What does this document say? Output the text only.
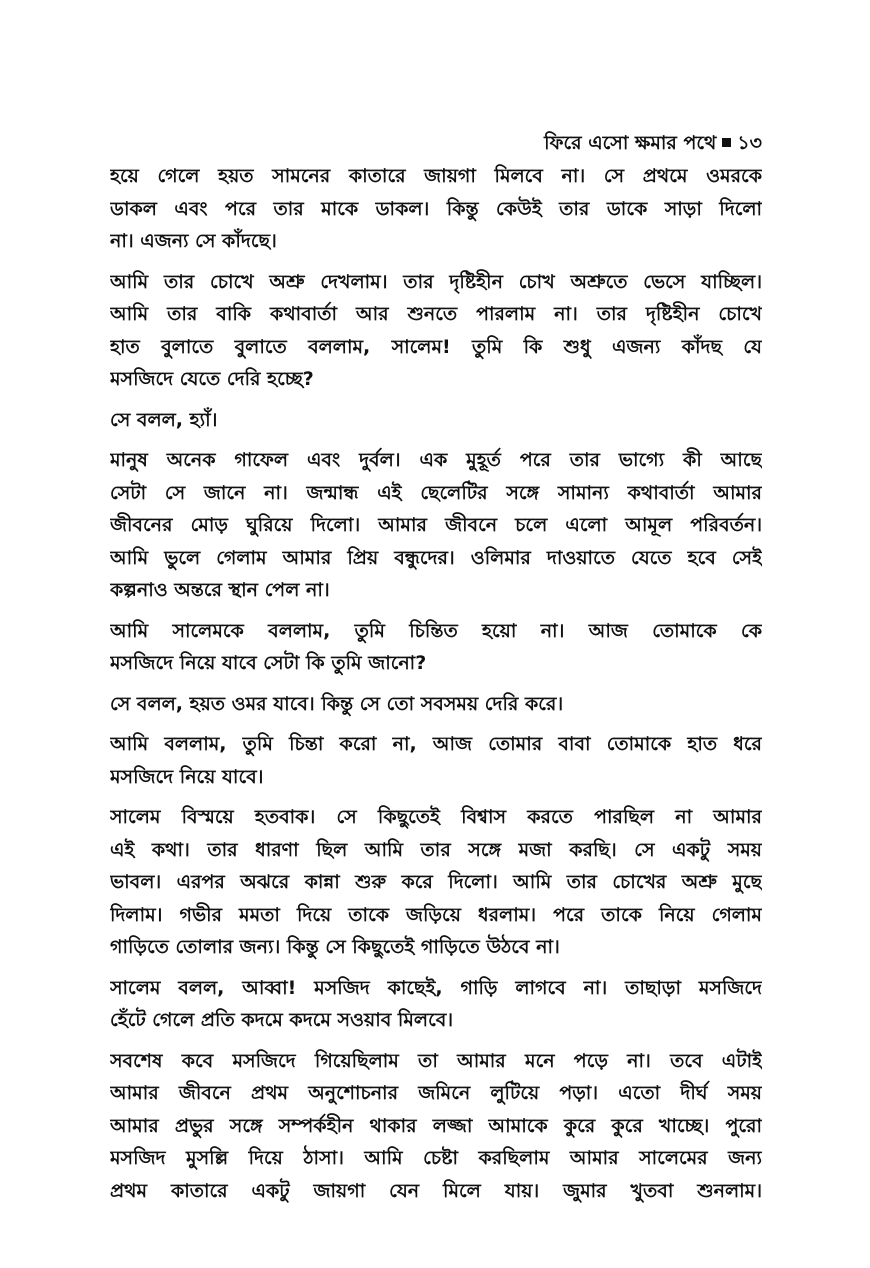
ফিরে এসো ক্ষমার পথে ১৩
হয়ে গেলে হয়ত সামনের কাতারে জায়গা মিলবে না। সে প্রথমে ওমরকে
ডাকল এবং পরে তার মাকে ডাকল। কিন্তু কেউই তার ডাকে সাড়া দিলো
না। এজন্য সে কাঁদছে।
আমি তার চোখে অশ্রু দেখলাম। তার দৃষ্টিহীন চোখ অশ্রুতে ভেসে যাচ্ছিল।
আমি তার বাকি কথাবার্তা আর শুনতে পারলাম না। তার দৃষ্টিহীন চোখে
হাত বুলাতে বুলাতে বললাম, সালেম! তুমি কি শুধু এজন্য কাঁদছ যে
মসজিদে যেতে দেরি হচ্ছে?
সে বলল, হ্যাঁ।
মানুষ অনেক গাফেল এবং দুর্বল। এক মুহূর্ত পরে তার ভাগ্যে কী আছে
সেটা সে জানে না। জন্মান্ধ এই ছেলেটির সঙ্গে সামান্য কথাবার্তা আমার
জীবনের মোড় ঘুরিয়ে দিলো। আমার জীবনে চলে এলো আমূল পরিবর্তন।
আমি ভুলে গেলাম আমার প্রিয় বন্ধুদের। ওলিমার দাওয়াতে যেতে হবে সেই
কল্পনাও অন্তরে স্থান পেল না।
আমি সালেমকে বললাম, তুমি চিন্তিত হয়ো না। আজ তোমাকে কে
মসজিদে নিয়ে যাবে সেটা কি তুমি জানো?
সে বলল, হয়ত ওমর যাবে। কিন্তু সে তো সবসময় দেরি করে।
আমি বললাম, তুমি চিন্তা করো না, আজ তোমার বাবা তোমাকে হাত ধরে
মসজিদে নিয়ে যাবে।
সালেম বিস্ময়ে হতবাক। সে কিছুতেই বিশ্বাস করতে পারছিল না আমার
এই কথা। তার ধারণা ছিল আমি তার সঙ্গে মজা করছি। সে একটু সময়
ভাবল। এরপর অঝরে কান্না শুরু করে দিলো। আমি তার চোখের অশ্রু মুছে
দিলাম। গভীর মমতা দিয়ে তাকে জড়িয়ে ধরলাম। পরে তাকে নিয়ে গেলাম
গাড়িতে তোলার জন্য। কিন্তু সে কিছুতেই গাড়িতে উঠবে না।
সালেম বলল, আব্বা! মসজিদ কাছেই, গাড়ি লাগবে না। তাছাড়া মসজিদে
হেঁটে গেলে প্রতি কদমে কদমে সওয়াব মিলবে।
সবশেষ কবে মসজিদে গিয়েছিলাম তা আমার মনে পড়ে না। তবে এটাই
আমার জীবনে প্রথম অনুশোচনার জমিনে লুটিয়ে পড়া। এতো দীর্ঘ সময়
আমার প্রভুর সঙ্গে সম্পর্কহীন থাকার লজ্জা আমাকে কুরে কুরে খাচ্ছে। পুরো
মসজিদ মুসল্লি দিয়ে ঠাসা। আমি চেষ্টা করছিলাম আমার সালেমের জন্য
প্রথম কাতারে একটু জায়গা যেন মিলে যায়। জুমার খুতবা শুনলাম।
